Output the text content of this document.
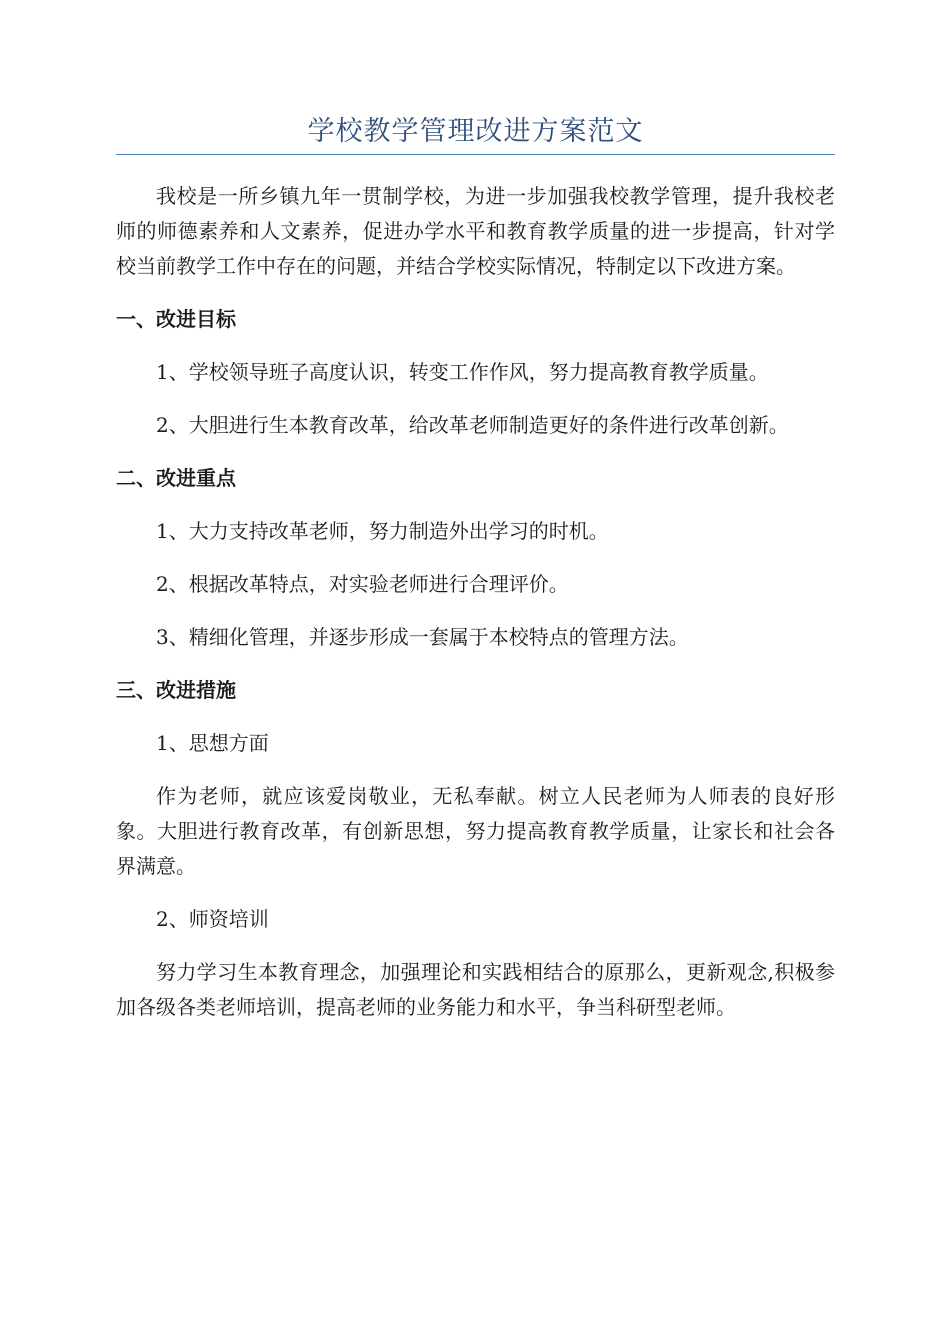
学校教学管理改进方案范文

我校是一所乡镇九年一贯制学校，为进一步加强我校教学管理，提升我校老师的师德素养和人文素养，促进办学水平和教育教学质量的进一步提高，针对学校当前教学工作中存在的问题，并结合学校实际情况，特制定以下改进方案。

一、改进目标

1、学校领导班子高度认识，转变工作作风，努力提高教育教学质量。

2、大胆进行生本教育改革，给改革老师制造更好的条件进行改革创新。

二、改进重点

1、大力支持改革老师，努力制造外出学习的时机。

2、根据改革特点，对实验老师进行合理评价。

3、精细化管理，并逐步形成一套属于本校特点的管理方法。

三、改进措施

1、思想方面

作为老师，就应该爱岗敬业，无私奉献。树立人民老师为人师表的良好形象。大胆进行教育改革，有创新思想，努力提高教育教学质量，让家长和社会各界满意。

2、师资培训

努力学习生本教育理念，加强理论和实践相结合的原那么，更新观念,积极参加各级各类老师培训，提高老师的业务能力和水平，争当科研型老师。
